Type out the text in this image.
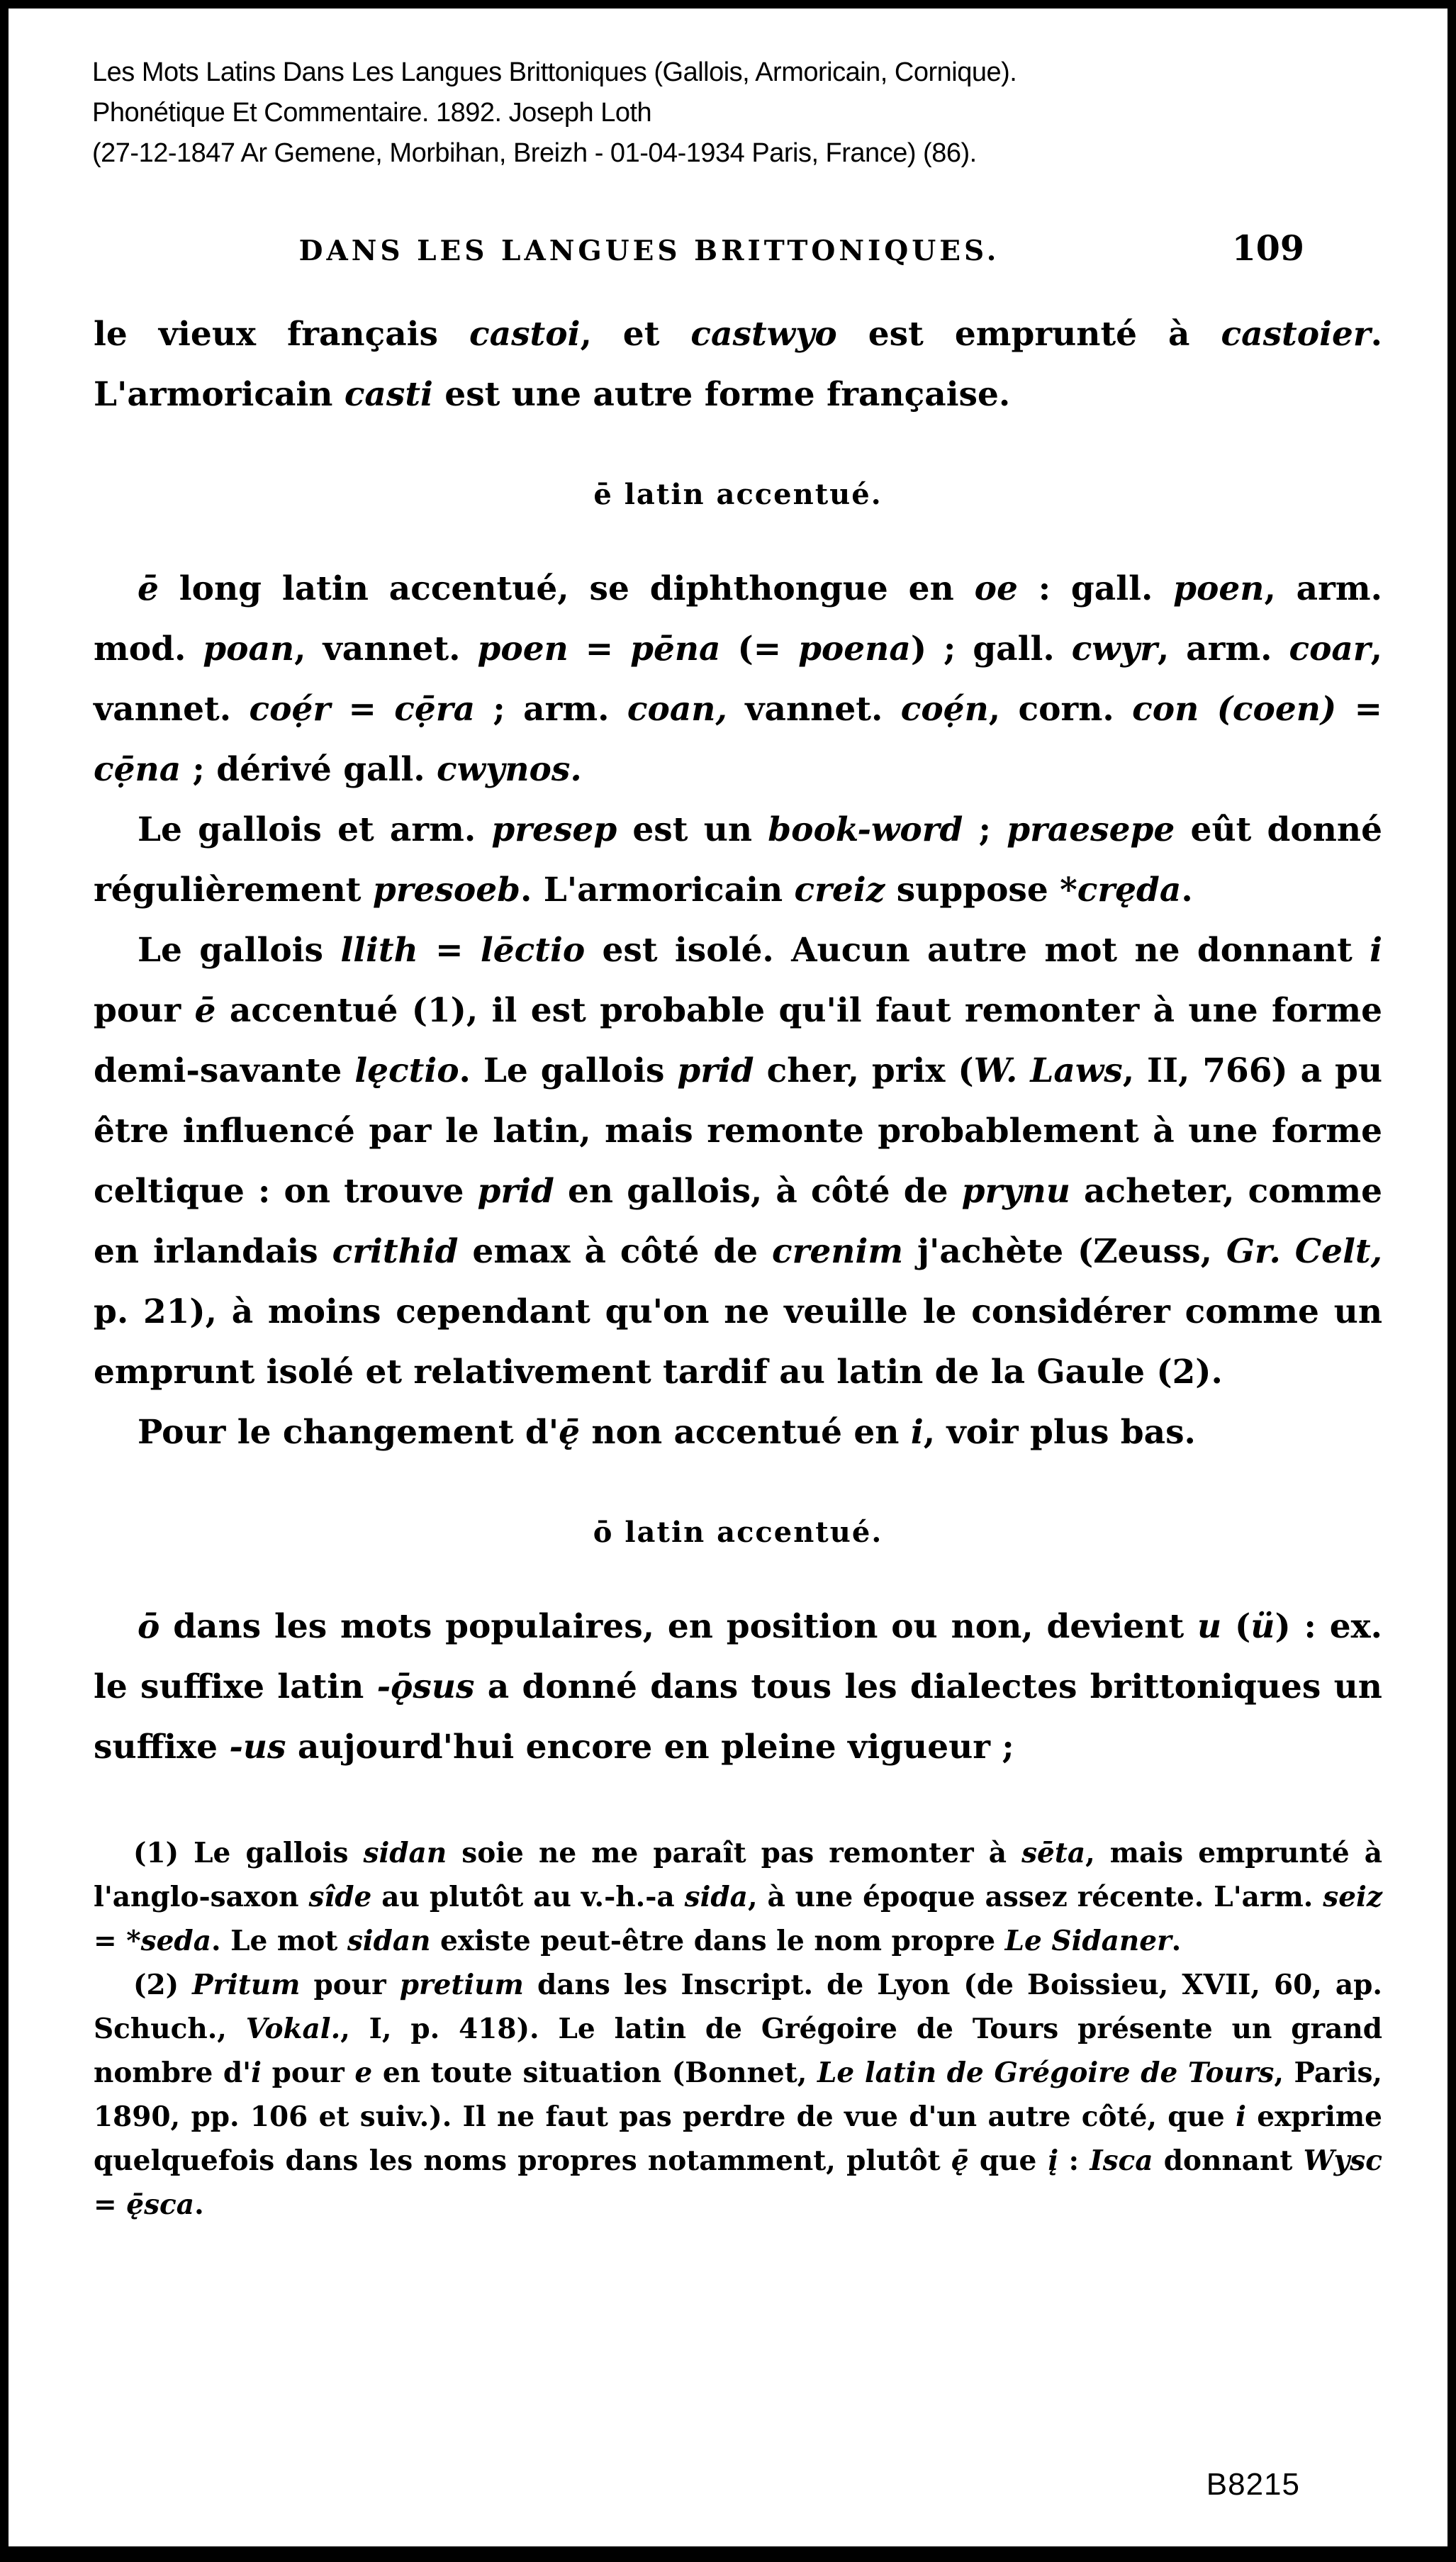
Les Mots Latins Dans Les Langues Brittoniques (Gallois, Armoricain, Cornique).
Phonétique Et Commentaire. 1892. Joseph Loth
(27-12-1847 Ar Gemene, Morbihan, Breizh - 01-04-1934 Paris, France) (86).
DANS LES LANGUES BRITTONIQUES.	109

le vieux français castoi, et castwyo est emprunté à castoier. L'armoricain casti est une autre forme française.

ē latin accentué.

ē long latin accentué, se diphthongue en oe : gall. poen, arm. mod. poan, vannet. poen = pēna (= poena) ; gall. cwyr, arm. coar, vannet. coẹ́r = cẹ̄ra ; arm. coan, vannet. coẹ́n, corn. con (coen) = cẹ̄na ; dérivé gall. cwynos.

Le gallois et arm. presep est un book-word ; praesepe eût donné régulièrement presoeb. L'armoricain creiz suppose *cręda.

Le gallois llith = lēctio est isolé. Aucun autre mot ne donnant i pour ē accentué (1), il est probable qu'il faut remonter à une forme demi-savante lęctio. Le gallois prid cher, prix (W. Laws, II, 766) a pu être influencé par le latin, mais remonte probablement à une forme celtique : on trouve prid en gallois, à côté de prynu acheter, comme en irlandais crithid emax à côté de crenim j'achète (Zeuss, Gr. Celt, p. 21), à moins cependant qu'on ne veuille le considérer comme un emprunt isolé et relativement tardif au latin de la Gaule (2).

Pour le changement d'ę̄ non accentué en i, voir plus bas.

ō latin accentué.

ō dans les mots populaires, en position ou non, devient u (ü) : ex. le suffixe latin -ǭsus a donné dans tous les dialectes brittoniques un suffixe -us aujourd'hui encore en pleine vigueur ;

(1) Le gallois sidan soie ne me paraît pas remonter à sēta, mais emprunté à l'anglo-saxon sîde au plutôt au v.-h.-a sida, à une époque assez récente. L'arm. seiz = *seda. Le mot sidan existe peut-être dans le nom propre Le Sidaner.

(2) Pritum pour pretium dans les Inscript. de Lyon (de Boissieu, XVII, 60, ap. Schuch., Vokal., I, p. 418). Le latin de Grégoire de Tours présente un grand nombre d'i pour e en toute situation (Bonnet, Le latin de Grégoire de Tours, Paris, 1890, pp. 106 et suiv.). Il ne faut pas perdre de vue d'un autre côté, que i exprime quelquefois dans les noms propres notamment, plutôt ę̄ que į : Isca donnant Wysc = ę̄sca.

B8215
